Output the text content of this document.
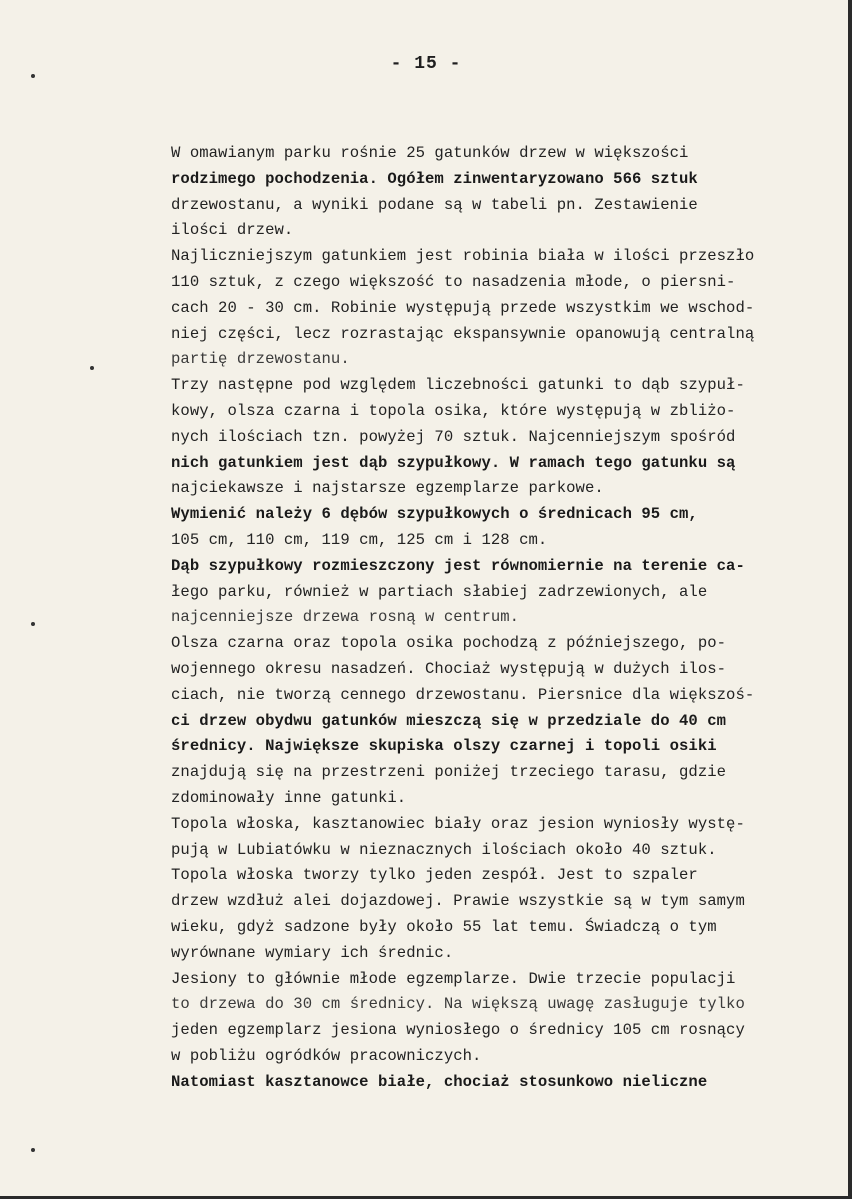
- 15 -
W omawianym parku rośnie 25 gatunków drzew w większości
rodzimego pochodzenia. Ogółem zinwentaryzowano 566 sztuk
drzewostanu, a wyniki podane są w tabeli pn. Zestawienie
ilości drzew.
Najliczniejszym gatunkiem jest robinia biała w ilości przeszło
110 sztuk, z czego większość to nasadzenia młode, o piersni-
cach 20 - 30 cm. Robinie występują przede wszystkim we wschod-
niej części, lecz rozrastając ekspansywnie opanowują centralną
partię drzewostanu.
Trzy następne pod względem liczebności gatunki to dąb szypuł-
kowy, olsza czarna i topola osika, które występują w zbliżo-
nych ilościach tzn. powyżej 70 sztuk. Najcenniejszym spośród
nich gatunkiem jest dąb szypułkowy. W ramach tego gatunku są
najciekawsze i najstarsze egzemplarze parkowe.
Wymienić należy 6 dębów szypułkowych o średnicach 95 cm,
105 cm, 110 cm, 119 cm, 125 cm i 128 cm.
Dąb szypułkowy rozmieszczony jest równomiernie na terenie ca-
łego parku, również w partiach słabiej zadrzewionych, ale
najcenniejsze drzewa rosną w centrum.
Olsza czarna oraz topola osika pochodzą z późniejszego, po-
wojennego okresu nasadzeń. Chociaż występują w dużych ilos-
ciach, nie tworzą cennego drzewostanu. Piersnice dla większoś-
ci drzew obydwu gatunków mieszczą się w przedziale do 40 cm
średnicy. Największe skupiska olszy czarnej i topoli osiki
znajdują się na przestrzeni poniżej trzeciego tarasu, gdzie
zdominowały inne gatunki.
Topola włoska, kasztanowiec biały oraz jesion wyniosły wystę-
pują w Lubiatówku w nieznacznych ilościach około 40 sztuk.
Topola włoska tworzy tylko jeden zespół. Jest to szpaler
drzew wzdłuż alei dojazdowej. Prawie wszystkie są w tym samym
wieku, gdyż sadzone były około 55 lat temu. Świadczą o tym
wyrównane wymiary ich średnic.
Jesiony to głównie młode egzemplarze. Dwie trzecie populacji
to drzewa do 30 cm średnicy. Na większą uwagę zasługuje tylko
jeden egzemplarz jesiona wyniosłego o średnicy 105 cm rosnący
w pobliżu ogródków pracowniczych.
Natomiast kasztanowce białe, chociaż stosunkowo nieliczne
